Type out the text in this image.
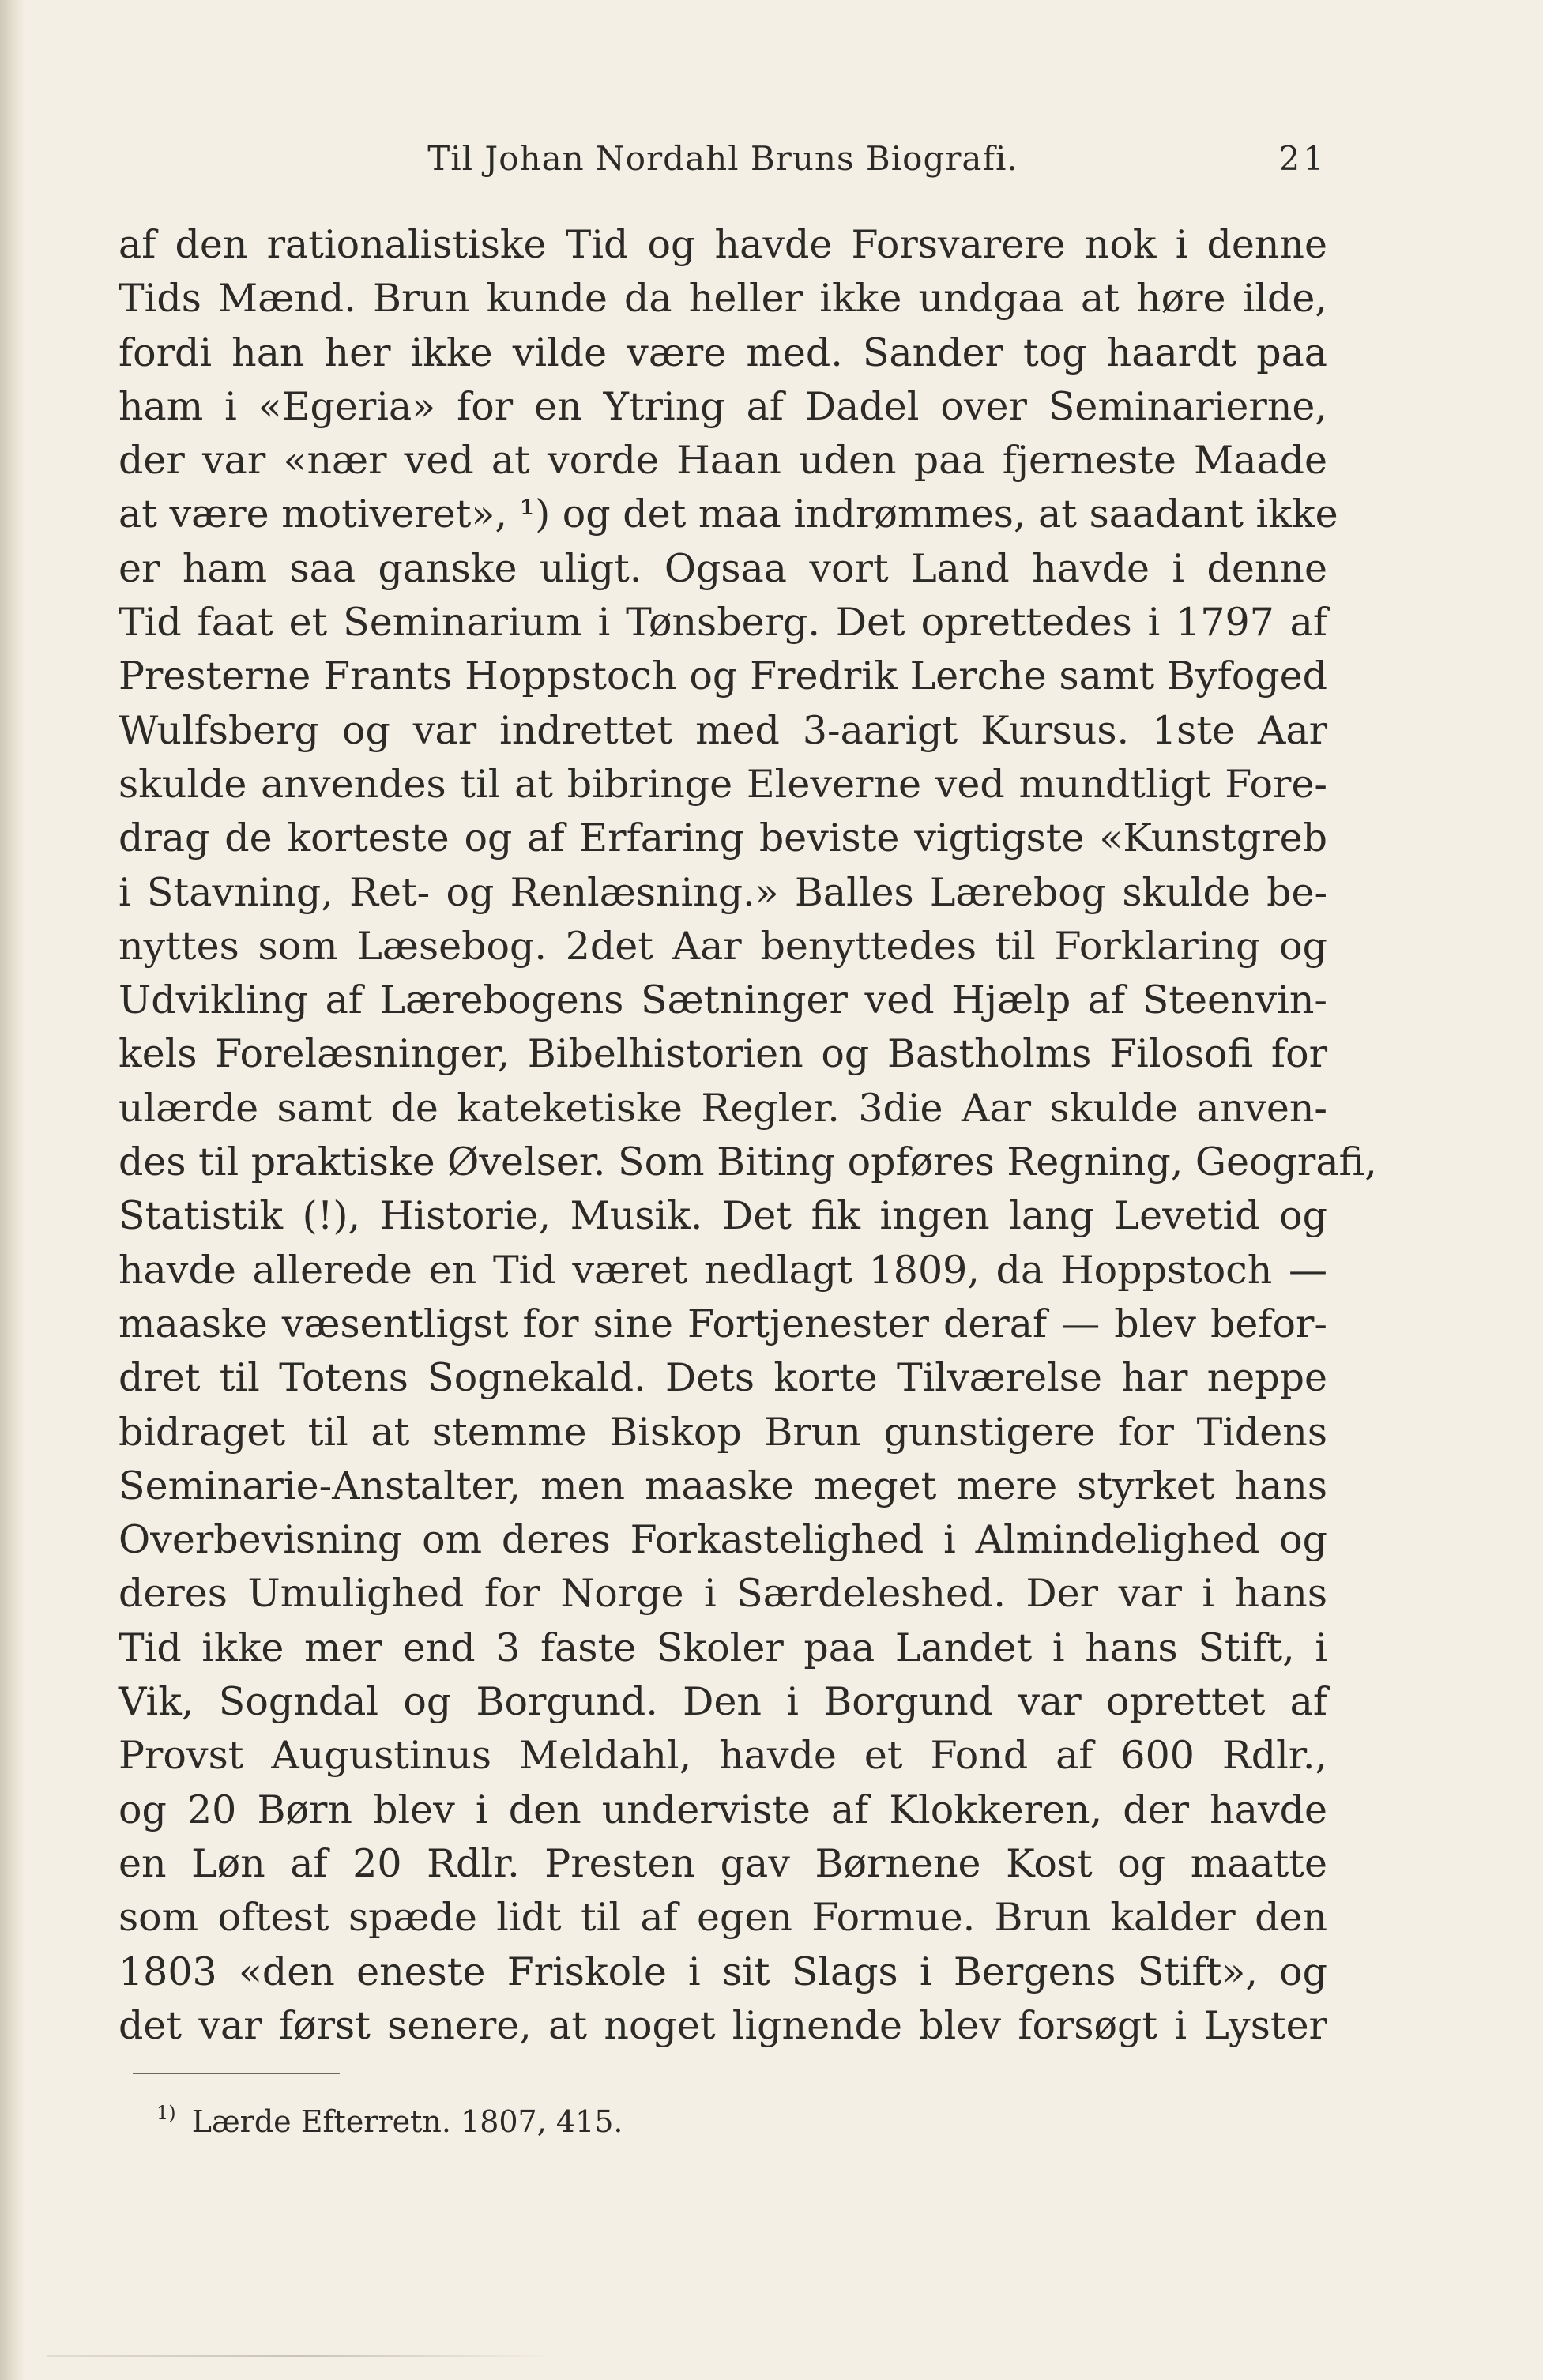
Til Johan Nordahl Bruns Biografi.	21
af den rationalistiske Tid og havde Forsvarere nok i denne
Tids Mænd. Brun kunde da heller ikke undgaa at høre ilde,
fordi han her ikke vilde være med. Sander tog haardt paa
ham i «Egeria» for en Ytring af Dadel over Seminarierne,
der var «nær ved at vorde Haan uden paa fjerneste Maade
at være motiveret», ¹) og det maa indrømmes, at saadant ikke
er ham saa ganske uligt. Ogsaa vort Land havde i denne
Tid faat et Seminarium i Tønsberg. Det oprettedes i 1797 af
Presterne Frants Hoppstoch og Fredrik Lerche samt Byfoged
Wulfsberg og var indrettet med 3-aarigt Kursus. 1ste Aar
skulde anvendes til at bibringe Eleverne ved mundtligt Fore-
drag de korteste og af Erfaring beviste vigtigste «Kunstgreb
i Stavning, Ret- og Renlæsning.» Balles Lærebog skulde be-
nyttes som Læsebog. 2det Aar benyttedes til Forklaring og
Udvikling af Lærebogens Sætninger ved Hjælp af Steenvin-
kels Forelæsninger, Bibelhistorien og Bastholms Filosofi for
ulærde samt de kateketiske Regler. 3die Aar skulde anven-
des til praktiske Øvelser. Som Biting opføres Regning, Geografi,
Statistik (!), Historie, Musik. Det fik ingen lang Levetid og
havde allerede en Tid været nedlagt 1809, da Hoppstoch —
maaske væsentligst for sine Fortjenester deraf — blev befor-
dret til Totens Sognekald. Dets korte Tilværelse har neppe
bidraget til at stemme Biskop Brun gunstigere for Tidens
Seminarie-Anstalter, men maaske meget mere styrket hans
Overbevisning om deres Forkastelighed i Almindelighed og
deres Umulighed for Norge i Særdeleshed. Der var i hans
Tid ikke mer end 3 faste Skoler paa Landet i hans Stift, i
Vik, Sogndal og Borgund. Den i Borgund var oprettet af
Provst Augustinus Meldahl, havde et Fond af 600 Rdlr.,
og 20 Børn blev i den underviste af Klokkeren, der havde
en Løn af 20 Rdlr. Presten gav Børnene Kost og maatte
som oftest spæde lidt til af egen Formue. Brun kalder den
1803 «den eneste Friskole i sit Slags i Bergens Stift», og
det var først senere, at noget lignende blev forsøgt i Lyster
$^{1)}$ Lærde Efterretn. 1807, 415.
